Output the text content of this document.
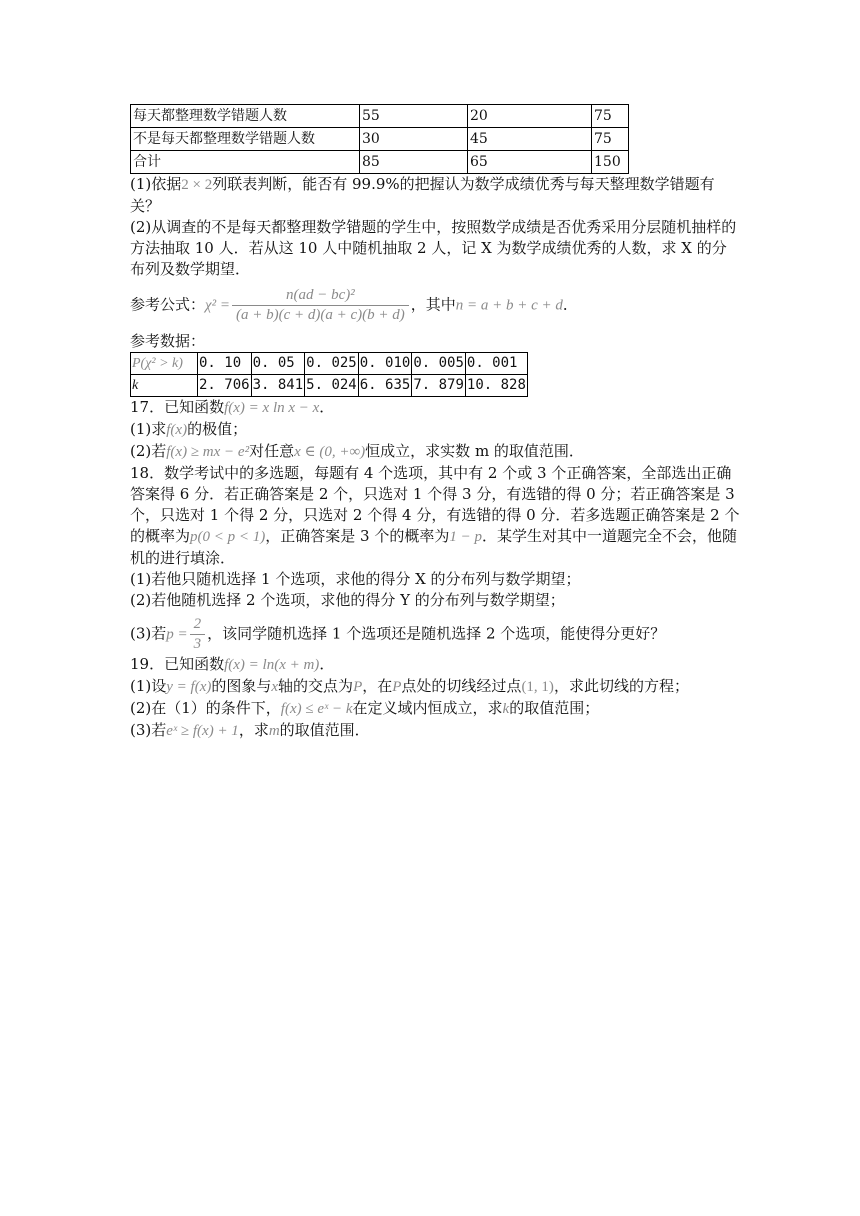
每天都整理数学错题人数	55	20	75
不是每天都整理数学错题人数	30	45	75
合计	85	65	150

(1)依据2 × 2列联表判断，能否有 99.9%的把握认为数学成绩优秀与每天整理数学错题有关？

(2)从调查的不是每天都整理数学错题的学生中，按照数学成绩是否优秀采用分层随机抽样的方法抽取 10 人．若从这 10 人中随机抽取 2 人，记 X 为数学成绩优秀的人数，求 X 的分布列及数学期望．

参考公式：$\chi^2 = \frac{\text{n(ad − bc)²}}{(a + b)(c + d)(a + c)(b + d)}$ ，其中n = a + b + c + d．

参考数据：

P(χ² > k)	0. 10	0. 05	0. 025	0. 010	0. 005	0. 001
k	2. 706	3. 841	5. 024	6. 635	7. 879	10. 828

17．已知函数f(x) = x ln x − x．

(1)求f(x)的极值；

(2)若f(x) ≥ mx − e²对任意x ∈ (0, +∞)恒成立，求实数 m 的取值范围．

18．数学考试中的多选题，每题有 4 个选项，其中有 2 个或 3 个正确答案，全部选出正确答案得 6 分．若正确答案是 2 个，只选对 1 个得 3 分，有选错的得 0 分；若正确答案是 3 个，只选对 1 个得 2 分，只选对 2 个得 4 分，有选错的得 0 分．若多选题正确答案是 2 个的概率为p(0 < p < 1)，正确答案是 3 个的概率为1 − p．某学生对其中一道题完全不会，他随机的进行填涂．

(1)若他只随机选择 1 个选项，求他的得分 X 的分布列与数学期望；

(2)若他随机选择 2 个选项，求他的得分 Y 的分布列与数学期望；

(3)若$p = \frac{2}{3}$ ，该同学随机选择 1 个选项还是随机选择 2 个选项，能使得分更好？

19．已知函数f(x) = ln(x + m)．

(1)设y = f(x)的图象与x轴的交点为P，在P点处的切线经过点(1, 1)，求此切线的方程；

(2)在（1）的条件下，f(x) ≤ eˣ − k在定义域内恒成立，求k的取值范围；

(3)若eˣ ≥ f(x) + 1，求m的取值范围．
